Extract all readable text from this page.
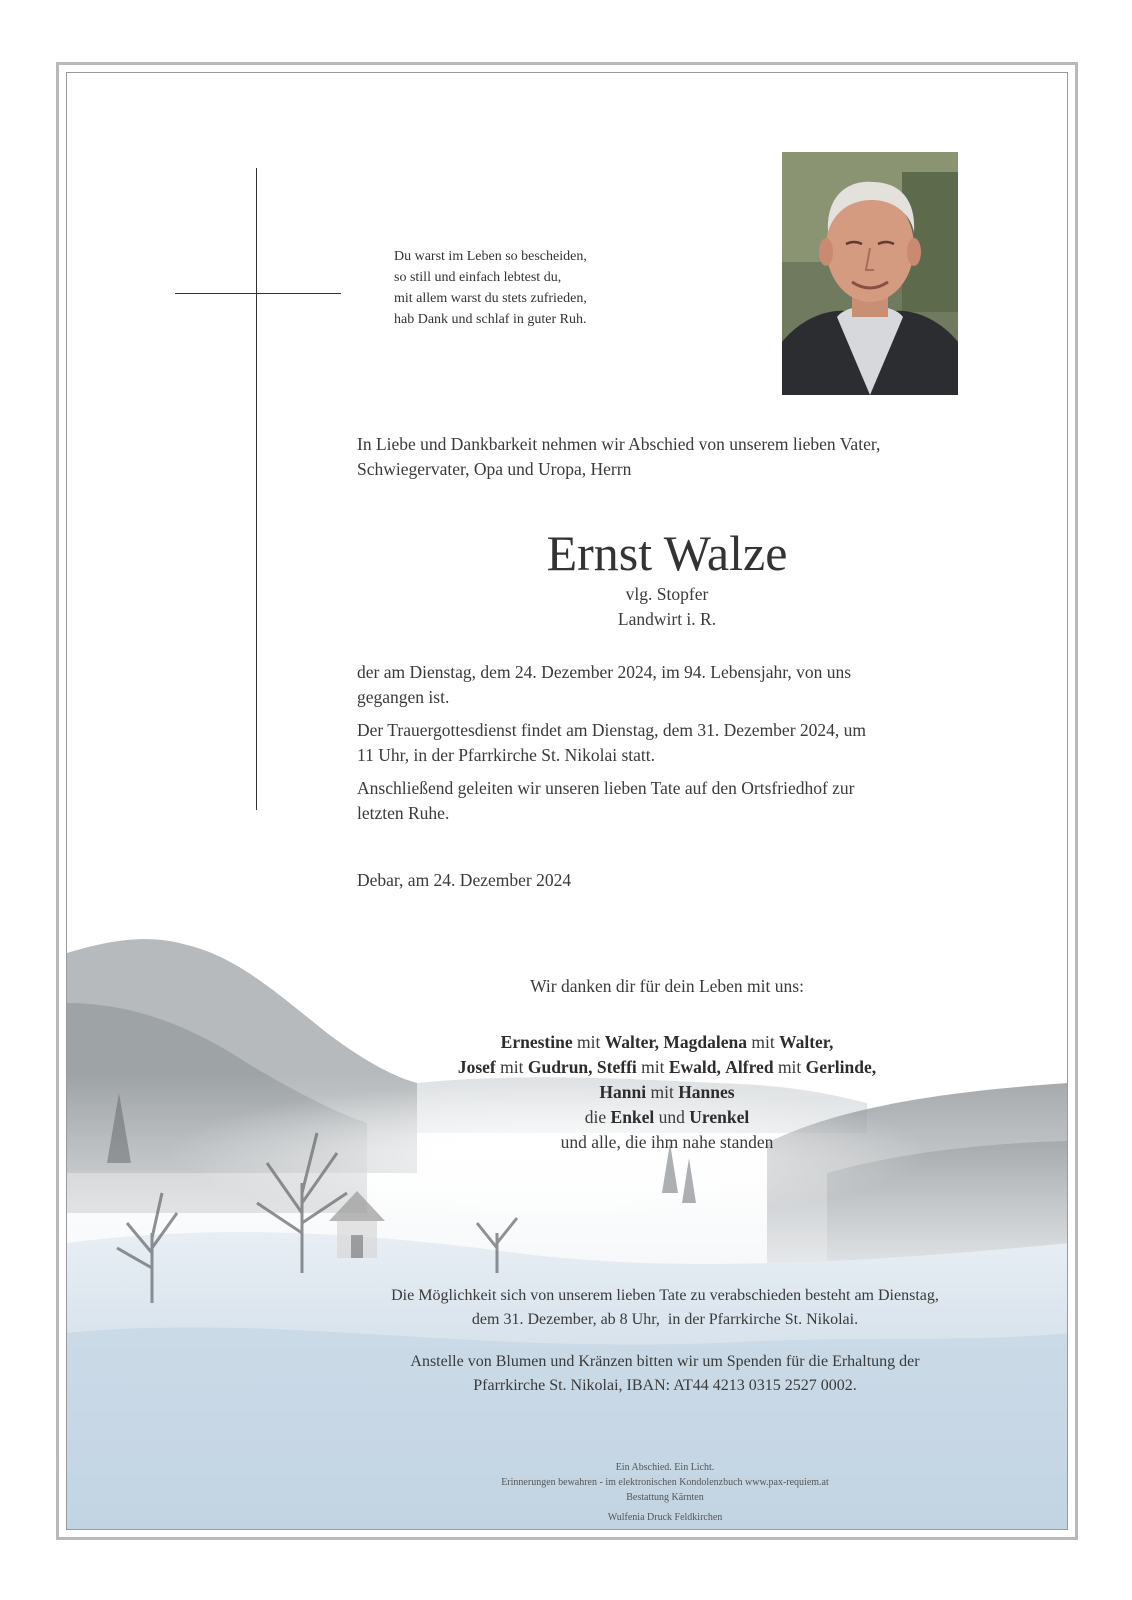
Du warst im Leben so bescheiden,
so still und einfach lebtest du,
mit allem warst du stets zufrieden,
hab Dank und schlaf in guter Ruh.
In Liebe und Dankbarkeit nehmen wir Abschied von unserem lieben Vater,
Schwiegervater, Opa und Uropa, Herrn
Ernst Walze
vlg. Stopfer
Landwirt i. R.
der am Dienstag, dem 24. Dezember 2024, im 94. Lebensjahr, von uns
gegangen ist.
Der Trauergottesdienst findet am Dienstag, dem 31. Dezember 2024, um
11 Uhr, in der Pfarrkirche St. Nikolai statt.
Anschließend geleiten wir unseren lieben Tate auf den Ortsfriedhof zur
letzten Ruhe.
Debar, am 24. Dezember 2024
Wir danken dir für dein Leben mit uns:
Ernestine mit Walter, Magdalena mit Walter,
Josef mit Gudrun, Steffi mit Ewald, Alfred mit Gerlinde,
Hanni mit Hannes
die Enkel und Urenkel
und alle, die ihm nahe standen
Die Möglichkeit sich von unserem lieben Tate zu verabschieden besteht am Dienstag,
dem 31. Dezember, ab 8 Uhr,  in der Pfarrkirche St. Nikolai.
Anstelle von Blumen und Kränzen bitten wir um Spenden für die Erhaltung der
Pfarrkirche St. Nikolai, IBAN: AT44 4213 0315 2527 0002.
Ein Abschied. Ein Licht.
Erinnerungen bewahren - im elektronischen Kondolenzbuch www.pax-requiem.at
Bestattung Kärnten
Wulfenia Druck Feldkirchen
